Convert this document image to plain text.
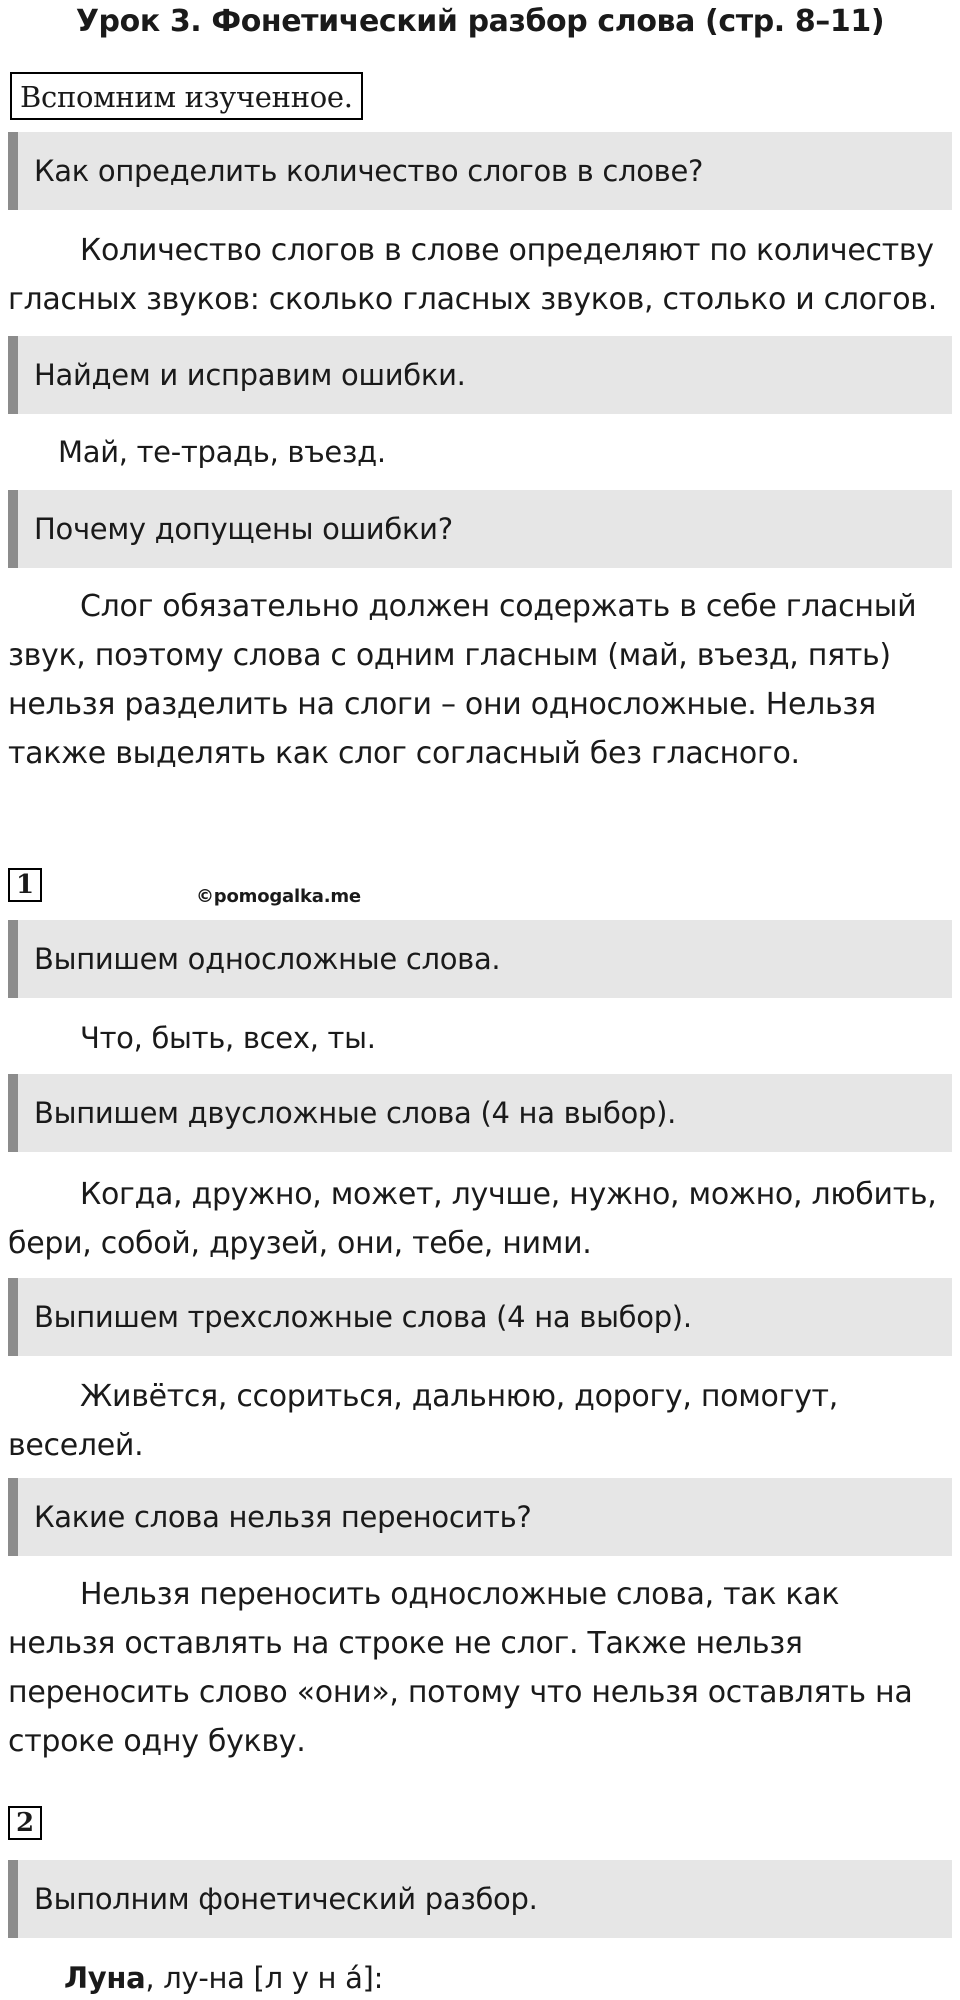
Урок 3. Фонетический разбор слова (стр. 8–11)
Вспомним изученное.
Как определить количество слогов в слове?

Количество слогов в слове определяют по количеству гласных звуков: сколько гласных звуков, столько и слогов.

Найдем и исправим ошибки.
Май, те-традь, въезд.
Почему допущены ошибки?

Слог обязательно должен содержать в себе гласный звук, поэтому слова с одним гласным (май, въезд, пять) нельзя разделить на слоги – они односложные. Нельзя также выделять как слог согласный без гласного.

1	©pomogalka.me
Выпишем односложные слова.
Что, быть, всех, ты.
Выпишем двусложные слова (4 на выбор).

Когда, дружно, может, лучше, нужно, можно, любить, бери, собой, друзей, они, тебе, ними.

Выпишем трехсложные слова (4 на выбор).

Живётся, ссориться, дальнюю, дорогу, помогут, веселей.

Какие слова нельзя переносить?

Нельзя переносить односложные слова, так как нельзя оставлять на строке не слог. Также нельзя переносить слово «они», потому что нельзя оставлять на строке одну букву.

2
Выполним фонетический разбор.
Луна, лу-на [л у н а́]:
